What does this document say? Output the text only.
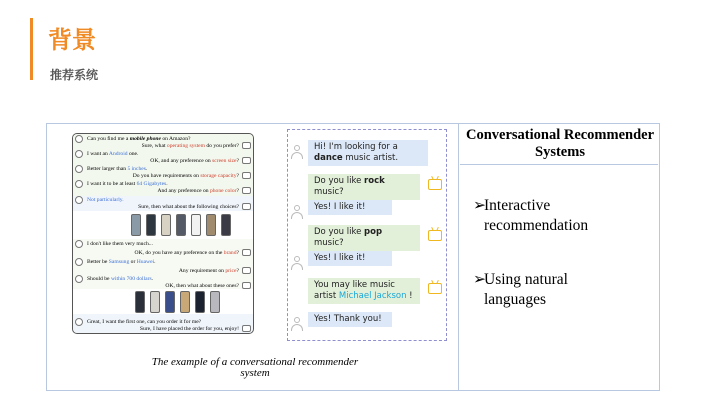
背景
推荐系统
Can you find me a mobile phone on Amazon?
Sure, what operating system do you prefer?
I want an Android one.
OK, and any preference on screen size?
Better larger than 5 inches.
Do you have requirements on storage capacity?
I want it to be at least 64 Gigabytes.
And any preference on phone color?
Not particularly.
Sure, then what about the following choices?
I don't like them very much...
OK, do you have any preference on the brand?
Better be Samsung or Huawei.
Any requirement on price?
Should be within 700 dollars.
OK, then what about these ones?
Great, I want the first one, can you order it for me?
Sure, I have placed the order for you, enjoy!
The example of a conversational recommender system
Hi! I'm looking for a dance music artist.
Do you like rock music?
Yes! I like it!
Do you like pop music?
Yes! I like it!
You may like music artist Michael Jackson !
Yes! Thank you!
Conversational Recommender Systems
➢Interactive
recommendation
➢Using natural
languages
